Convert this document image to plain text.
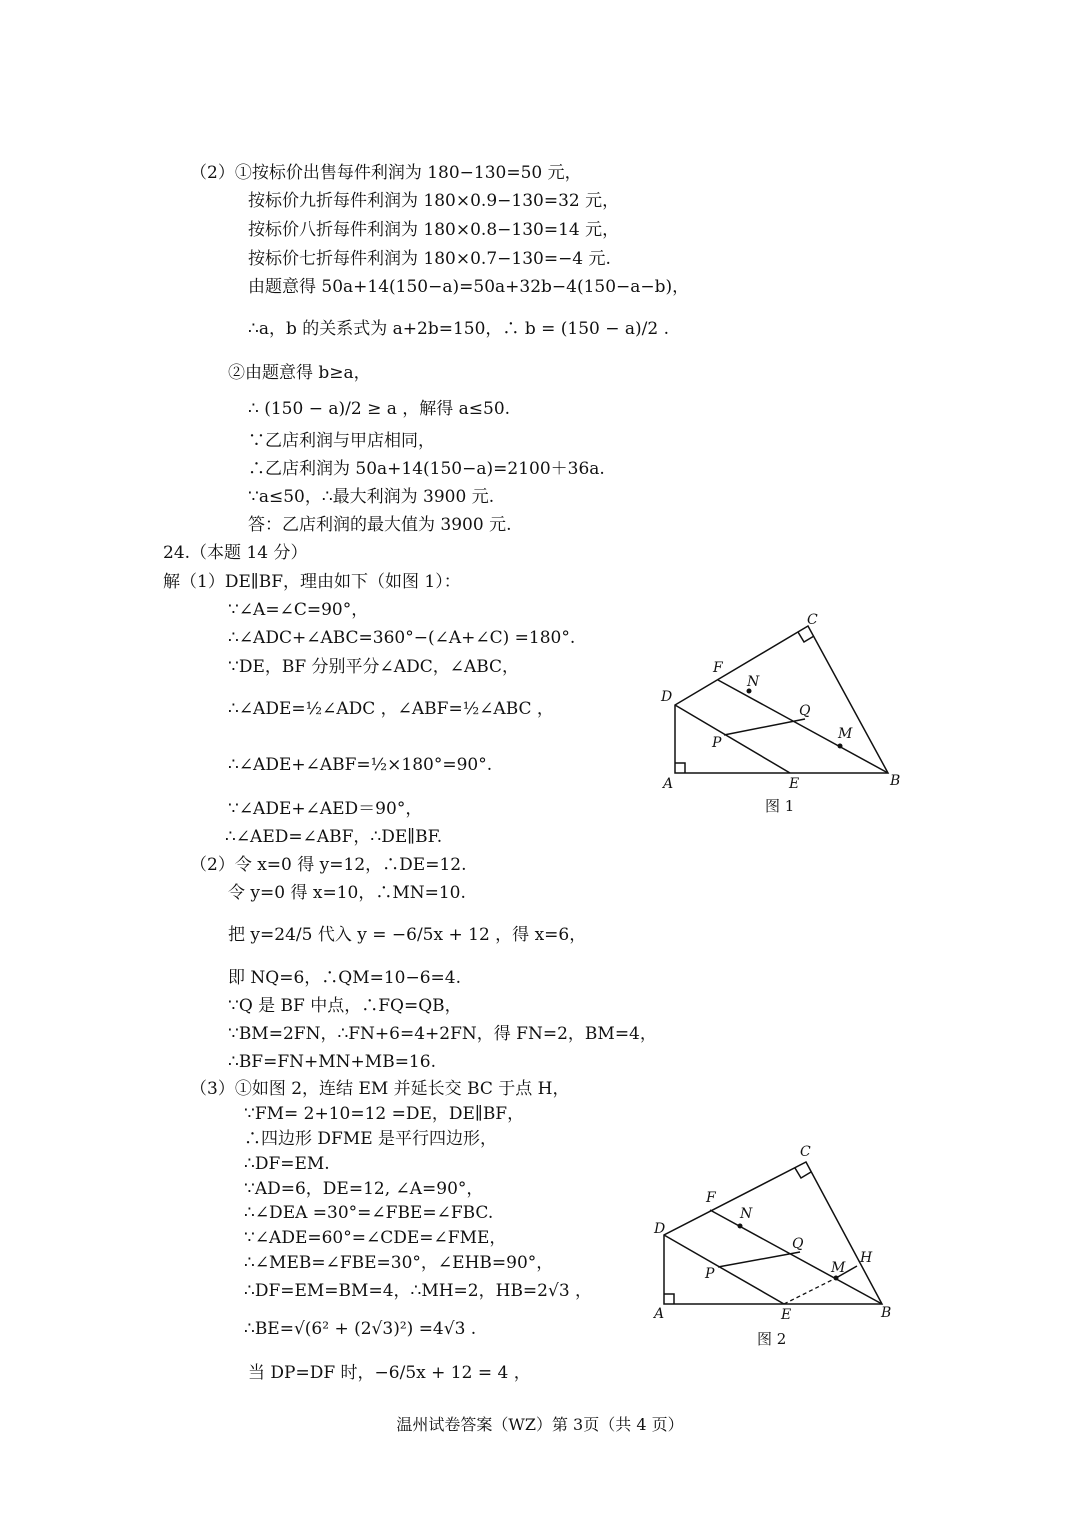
（2）①按标价出售每件利润为 180−130=50 元，
按标价九折每件利润为 180×0.9−130=32 元，
按标价八折每件利润为 180×0.8−130=14 元，
按标价七折每件利润为 180×0.7−130=−4 元.
由题意得 50a+14(150−a)=50a+32b−4(150−a−b)，
∴a，b 的关系式为 a+2b=150，∴ b = (150 − a)/2 .
②由题意得 b≥a，
∴ (150 − a)/2 ≥ a ，解得 a≤50.
∵乙店利润与甲店相同，
∴乙店利润为 50a+14(150−a)=2100＋36a.
∵a≤50，∴最大利润为 3900 元.
答：乙店利润的最大值为 3900 元.
24.（本题 14 分）
解（1）DE∥BF，理由如下（如图 1）：
∵∠A=∠C=90°，
∴∠ADC+∠ABC=360°−(∠A+∠C) =180°.
∵DE，BF 分别平分∠ADC，∠ABC，
∴∠ADE=½∠ADC ，∠ABF=½∠ABC ，
∴∠ADE+∠ABF=½×180°=90°.
∵∠ADE+∠AED＝90°，
∴∠AED=∠ABF，∴DE∥BF.
（2）令 x=0 得 y=12，∴DE=12.
令 y=0 得 x=10，∴MN=10.
把 y=24/5 代入 y = −6/5x + 12 ，得 x=6，
即 NQ=6，∴QM=10−6=4.
∵Q 是 BF 中点，∴FQ=QB，
∵BM=2FN，∴FN+6=4+2FN，得 FN=2，BM=4，
∴BF=FN+MN+MB=16.
（3）①如图 2，连结 EM 并延长交 BC 于点 H，
∵FM= 2+10=12 =DE，DE∥BF，
∴四边形 DFME 是平行四边形，
∴DF=EM.
∵AD=6，DE=12, ∠A=90°，
∴∠DEA =30°=∠FBE=∠FBC.
∵∠ADE=60°=∠CDE=∠FME，
∴∠MEB=∠FBE=30°，∠EHB=90°，
∴DF=EM=BM=4，∴MH=2，HB=2√3 ，
∴BE=√(6² + (2√3)²) =4√3 .
当 DP=DF 时，−6/5x + 12 = 4 ，
A	B
C
D
E
F
N
P
Q
M
图 1
A	B
C
D
E
F
N
P
Q
M
H
图 2
温州试卷答案（WZ）第 3页（共 4 页）
